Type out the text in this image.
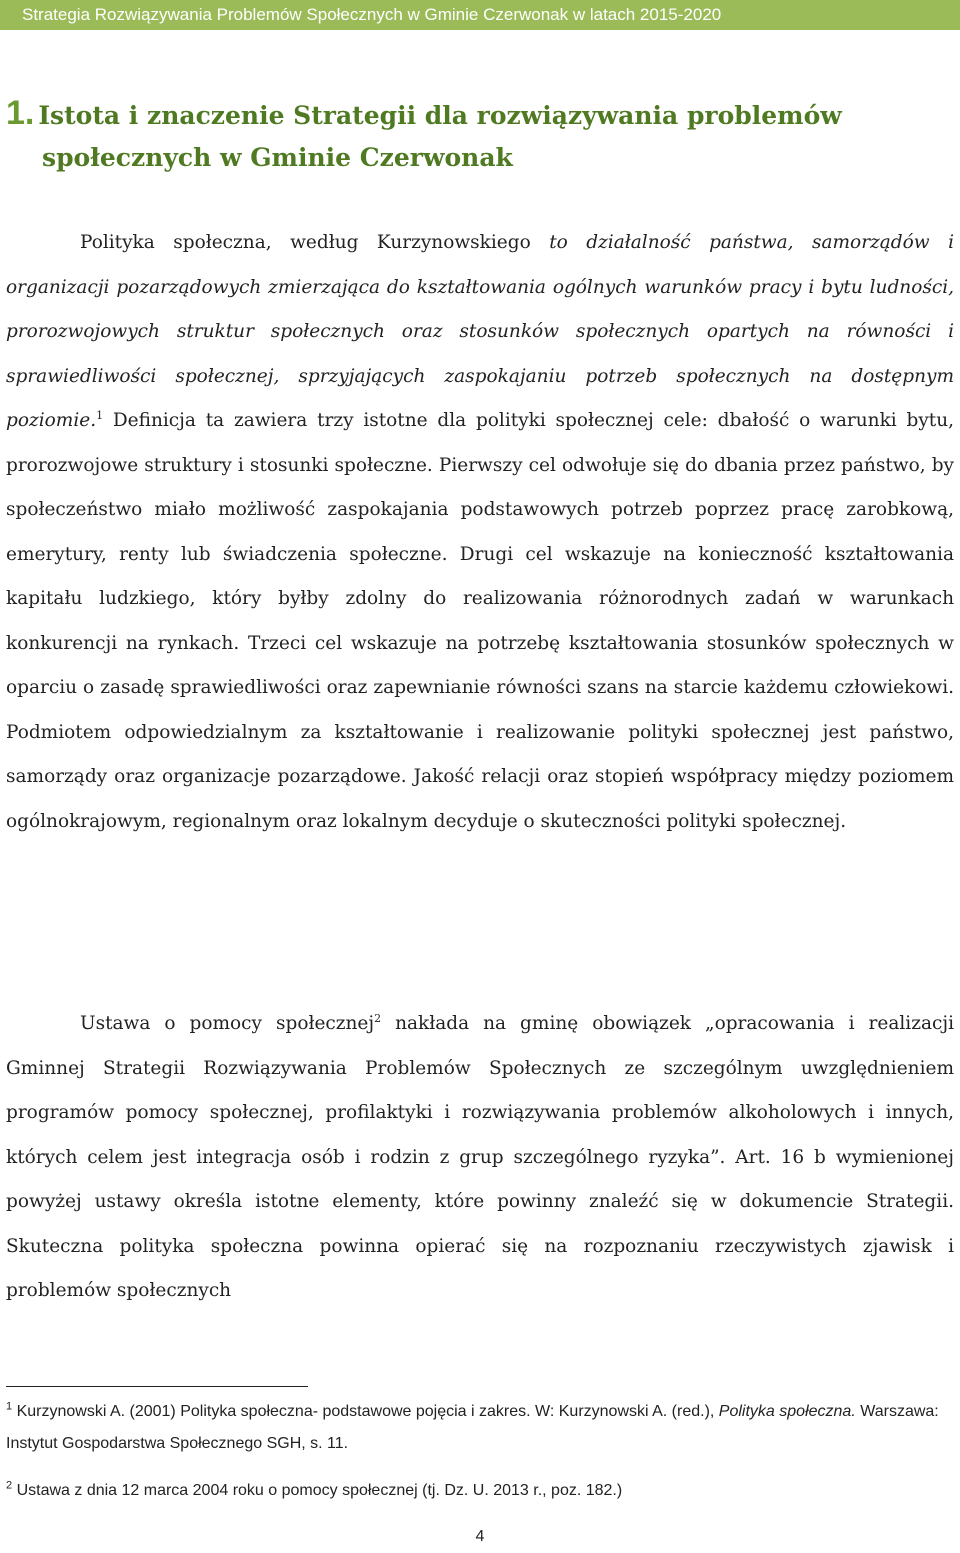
Strategia Rozwiązywania Problemów Społecznych w Gminie Czerwonak w latach 2015-2020
1. Istota i znaczenie Strategii dla rozwiązywania problemów
społecznych w Gminie Czerwonak

Polityka społeczna, według Kurzynowskiego to działalność państwa, samorządów i organizacji pozarządowych zmierzająca do kształtowania ogólnych warunków pracy i bytu ludności, prorozwojowych struktur społecznych oraz stosunków społecznych opartych na równości i sprawiedliwości społecznej, sprzyjających zaspokajaniu potrzeb społecznych na dostępnym poziomie.$^1$ Definicja ta zawiera trzy istotne dla polityki społecznej cele: dbałość o warunki bytu, prorozwojowe struktury i stosunki społeczne. Pierwszy cel odwołuje się do dbania przez państwo, by społeczeństwo miało możliwość zaspokajania podstawowych potrzeb poprzez pracę zarobkową, emerytury, renty lub świadczenia społeczne. Drugi cel wskazuje na konieczność kształtowania kapitału ludzkiego, który byłby zdolny do realizowania różnorodnych zadań w warunkach konkurencji na rynkach. Trzeci cel wskazuje na potrzebę kształtowania stosunków społecznych w oparciu o zasadę sprawiedliwości oraz zapewnianie równości szans na starcie każdemu człowiekowi. Podmiotem odpowiedzialnym za kształtowanie i realizowanie polityki społecznej jest państwo, samorządy oraz organizacje pozarządowe. Jakość relacji oraz stopień współpracy między poziomem ogólnokrajowym, regionalnym oraz lokalnym decyduje o skuteczności polityki społecznej.

Ustawa o pomocy społecznej$^2$ nakłada na gminę obowiązek „opracowania i realizacji Gminnej Strategii Rozwiązywania Problemów Społecznych ze szczególnym uwzględnieniem programów pomocy społecznej, profilaktyki i rozwiązywania problemów alkoholowych i innych, których celem jest integracja osób i rodzin z grup szczególnego ryzyka”. Art. 16 b wymienionej powyżej ustawy określa istotne elementy, które powinny znaleźć się w dokumencie Strategii. Skuteczna polityka społeczna powinna opierać się na rozpoznaniu rzeczywistych zjawisk i problemów społecznych

$^1$ Kurzynowski A. (2001) Polityka społeczna- podstawowe pojęcia i zakres. W: Kurzynowski A. (red.), Polityka społeczna. Warszawa: Instytut Gospodarstwa Społecznego SGH, s. 11.
$^2$ Ustawa z dnia 12 marca 2004 roku o pomocy społecznej (tj. Dz. U. 2013 r., poz. 182.)
4
